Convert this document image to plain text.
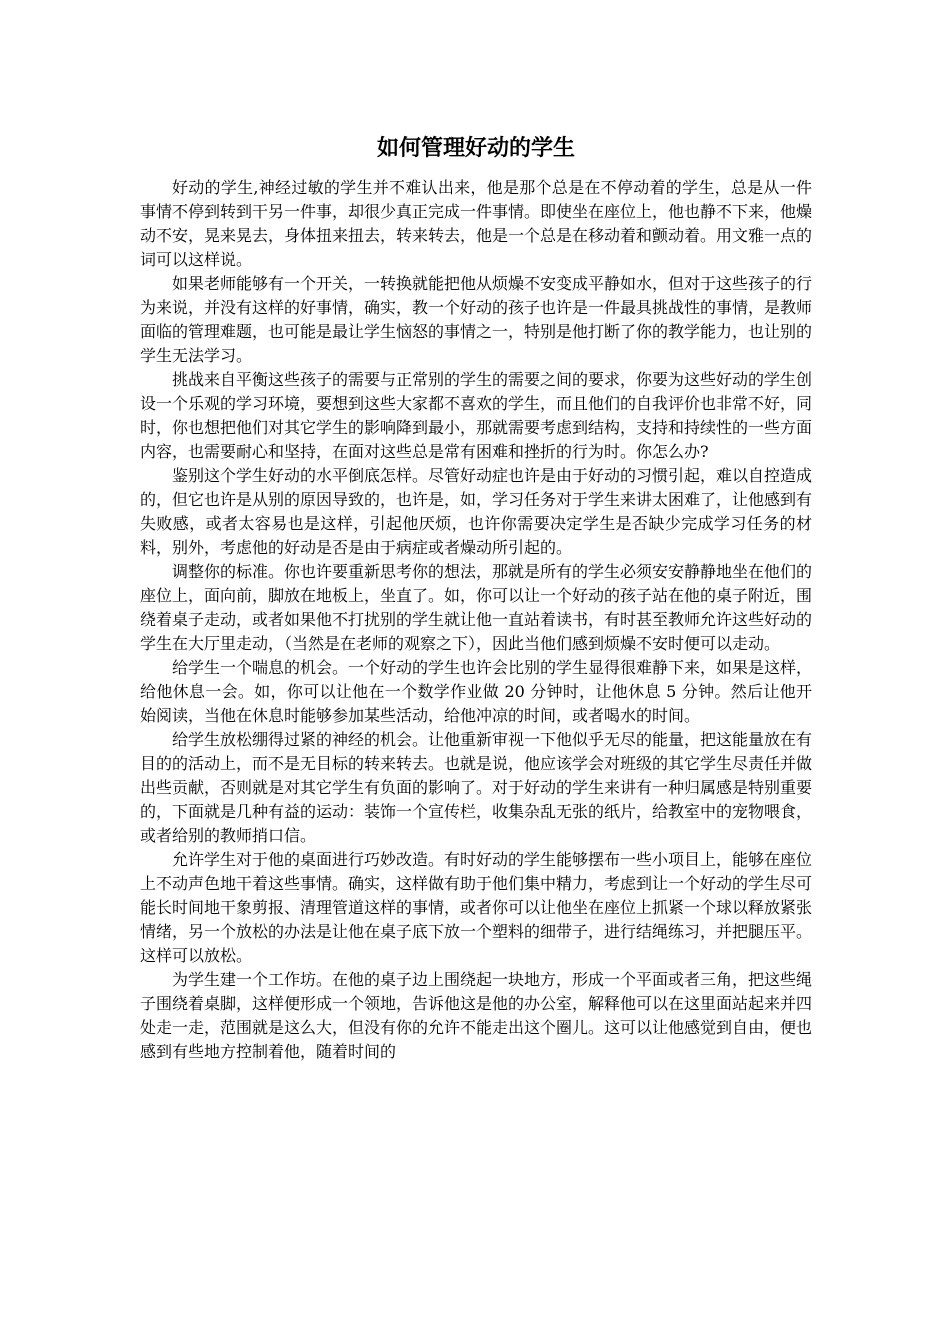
如何管理好动的学生

好动的学生,神经过敏的学生并不难认出来，他是那个总是在不停动着的学生，总是从一件事情不停到转到干另一件事，却很少真正完成一件事情。即使坐在座位上，他也静不下来，他燥动不安，晃来晃去，身体扭来扭去，转来转去，他是一个总是在移动着和颤动着。用文雅一点的词可以这样说。

如果老师能够有一个开关，一转换就能把他从烦燥不安变成平静如水，但对于这些孩子的行为来说，并没有这样的好事情，确实，教一个好动的孩子也许是一件最具挑战性的事情，是教师面临的管理难题，也可能是最让学生恼怒的事情之一，特别是他打断了你的教学能力，也让别的学生无法学习。

挑战来自平衡这些孩子的需要与正常别的学生的需要之间的要求，你要为这些好动的学生创设一个乐观的学习环境，要想到这些大家都不喜欢的学生，而且他们的自我评价也非常不好，同时，你也想把他们对其它学生的影响降到最小，那就需要考虑到结构，支持和持续性的一些方面内容，也需要耐心和坚持，在面对这些总是常有困难和挫折的行为时。你怎么办?

鉴别这个学生好动的水平倒底怎样。尽管好动症也许是由于好动的习惯引起，难以自控造成的，但它也许是从别的原因导致的，也许是，如，学习任务对于学生来讲太困难了，让他感到有失败感，或者太容易也是这样，引起他厌烦，也许你需要决定学生是否缺少完成学习任务的材料，别外，考虑他的好动是否是由于病症或者燥动所引起的。

调整你的标准。你也许要重新思考你的想法，那就是所有的学生必须安安静静地坐在他们的座位上，面向前，脚放在地板上，坐直了。如，你可以让一个好动的孩子站在他的桌子附近，围绕着桌子走动，或者如果他不打扰别的学生就让他一直站着读书，有时甚至教师允许这些好动的学生在大厅里走动，（当然是在老师的观察之下），因此当他们感到烦燥不安时便可以走动。

给学生一个喘息的机会。一个好动的学生也许会比别的学生显得很难静下来，如果是这样，给他休息一会。如，你可以让他在一个数学作业做 20 分钟时，让他休息 5 分钟。然后让他开始阅读，当他在休息时能够参加某些活动，给他冲凉的时间，或者喝水的时间。

给学生放松绷得过紧的神经的机会。让他重新审视一下他似乎无尽的能量，把这能量放在有目的的活动上，而不是无目标的转来转去。也就是说，他应该学会对班级的其它学生尽责任并做出些贡献，否则就是对其它学生有负面的影响了。对于好动的学生来讲有一种归属感是特别重要的，下面就是几种有益的运动：装饰一个宣传栏，收集杂乱无张的纸片，给教室中的宠物喂食，或者给别的教师捎口信。

允许学生对于他的桌面进行巧妙改造。有时好动的学生能够摆布一些小项目上，能够在座位上不动声色地干着这些事情。确实，这样做有助于他们集中精力，考虑到让一个好动的学生尽可能长时间地干象剪报、清理管道这样的事情，或者你可以让他坐在座位上抓紧一个球以释放紧张情绪，另一个放松的办法是让他在桌子底下放一个塑料的细带子，进行结绳练习，并把腿压平。这样可以放松。

为学生建一个工作坊。在他的桌子边上围绕起一块地方，形成一个平面或者三角，把这些绳子围绕着桌脚，这样便形成一个领地，告诉他这是他的办公室，解释他可以在这里面站起来并四处走一走，范围就是这么大，但没有你的允许不能走出这个圈儿。这可以让他感觉到自由，便也感到有些地方控制着他，随着时间的
